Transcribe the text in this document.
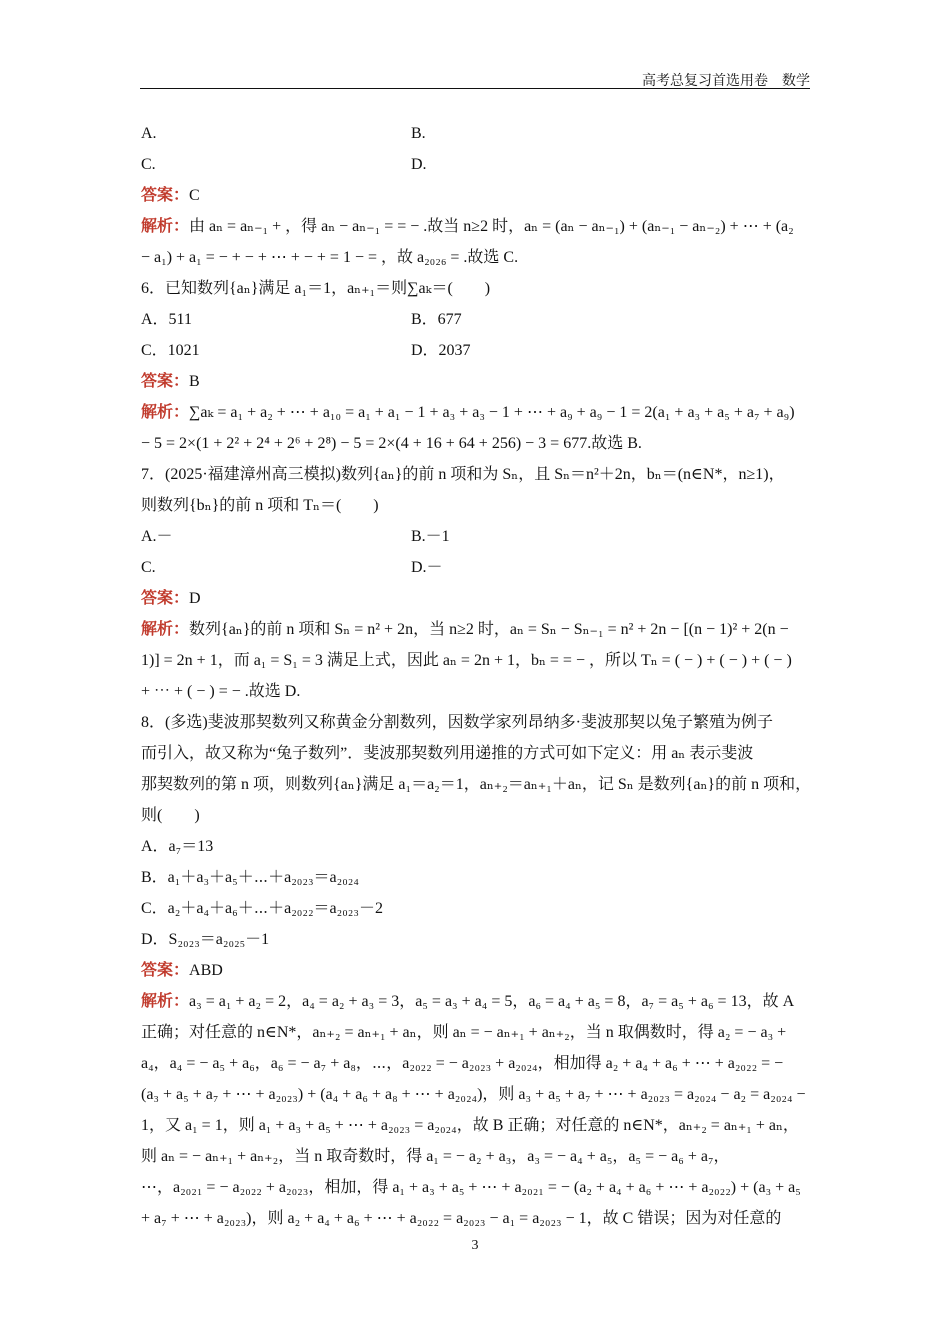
高考总复习首选用卷　数学
A.	B.
C.	D.
答案：C
解析：由 aₙ = aₙ₋₁ + ，得 aₙ − aₙ₋₁ = = − .故当 n≥2 时，aₙ = (aₙ − aₙ₋₁) + (aₙ₋₁ − aₙ₋₂) + ⋯ + (a₂
− a₁) + a₁ = − + − + ⋯ + − + = 1 − = ，故 a₂₀₂₆ = .故选 C.
6．已知数列{aₙ}满足 a₁＝1，aₙ₊₁＝则∑aₖ＝(　　)
A．511	B．677
C．1021	D．2037
答案：B
解析：∑aₖ = a₁ + a₂ + ⋯ + a₁₀ = a₁ + a₁ − 1 + a₃ + a₃ − 1 + ⋯ + a₉ + a₉ − 1 = 2(a₁ + a₃ + a₅ + a₇ + a₉)
− 5 = 2×(1 + 2² + 2⁴ + 2⁶ + 2⁸) − 5 = 2×(4 + 16 + 64 + 256) − 3 = 677.故选 B.
7．(2025·福建漳州高三模拟)数列{aₙ}的前 n 项和为 Sₙ，且 Sₙ＝n²＋2n，bₙ＝(n∈N*，n≥1)，
则数列{bₙ}的前 n 项和 Tₙ＝(　　)
A.－	B.－1
C.	D.－
答案：D
解析：数列{aₙ}的前 n 项和 Sₙ = n² + 2n，当 n≥2 时，aₙ = Sₙ − Sₙ₋₁ = n² + 2n − [(n − 1)² + 2(n −
1)] = 2n + 1，而 a₁ = S₁ = 3 满足上式，因此 aₙ = 2n + 1，bₙ = = − ，所以 Tₙ = ( − ) + ( − ) + ( − )
+ ⋯ + ( − ) = − .故选 D.
8．(多选)斐波那契数列又称黄金分割数列，因数学家列昂纳多·斐波那契以兔子繁殖为例子
而引入，故又称为“兔子数列”．斐波那契数列用递推的方式可如下定义：用 aₙ 表示斐波
那契数列的第 n 项，则数列{aₙ}满足 a₁＝a₂＝1，aₙ₊₂＝aₙ₊₁＋aₙ，记 Sₙ 是数列{aₙ}的前 n 项和，
则(　　)
A．a₇＝13
B．a₁＋a₃＋a₅＋⋯＋a₂₀₂₃＝a₂₀₂₄
C．a₂＋a₄＋a₆＋⋯＋a₂₀₂₂＝a₂₀₂₃－2
D．S₂₀₂₃＝a₂₀₂₅－1
答案：ABD
解析：a₃ = a₁ + a₂ = 2，a₄ = a₂ + a₃ = 3，a₅ = a₃ + a₄ = 5，a₆ = a₄ + a₅ = 8，a₇ = a₅ + a₆ = 13，故 A
正确；对任意的 n∈N*，aₙ₊₂ = aₙ₊₁ + aₙ，则 aₙ = − aₙ₊₁ + aₙ₊₂，当 n 取偶数时，得 a₂ = − a₃ +
a₄，a₄ = − a₅ + a₆，a₆ = − a₇ + a₈，⋯，a₂₀₂₂ = − a₂₀₂₃ + a₂₀₂₄，相加得 a₂ + a₄ + a₆ + ⋯ + a₂₀₂₂ = −
(a₃ + a₅ + a₇ + ⋯ + a₂₀₂₃) + (a₄ + a₆ + a₈ + ⋯ + a₂₀₂₄)，则 a₃ + a₅ + a₇ + ⋯ + a₂₀₂₃ = a₂₀₂₄ − a₂ = a₂₀₂₄ −
1，又 a₁ = 1，则 a₁ + a₃ + a₅ + ⋯ + a₂₀₂₃ = a₂₀₂₄，故 B 正确；对任意的 n∈N*，aₙ₊₂ = aₙ₊₁ + aₙ，
则 aₙ = − aₙ₊₁ + aₙ₊₂，当 n 取奇数时，得 a₁ = − a₂ + a₃，a₃ = − a₄ + a₅，a₅ = − a₆ + a₇，
⋯，a₂₀₂₁ = − a₂₀₂₂ + a₂₀₂₃，相加，得 a₁ + a₃ + a₅ + ⋯ + a₂₀₂₁ = − (a₂ + a₄ + a₆ + ⋯ + a₂₀₂₂) + (a₃ + a₅
+ a₇ + ⋯ + a₂₀₂₃)，则 a₂ + a₄ + a₆ + ⋯ + a₂₀₂₂ = a₂₀₂₃ − a₁ = a₂₀₂₃ − 1，故 C 错误；因为对任意的
3
